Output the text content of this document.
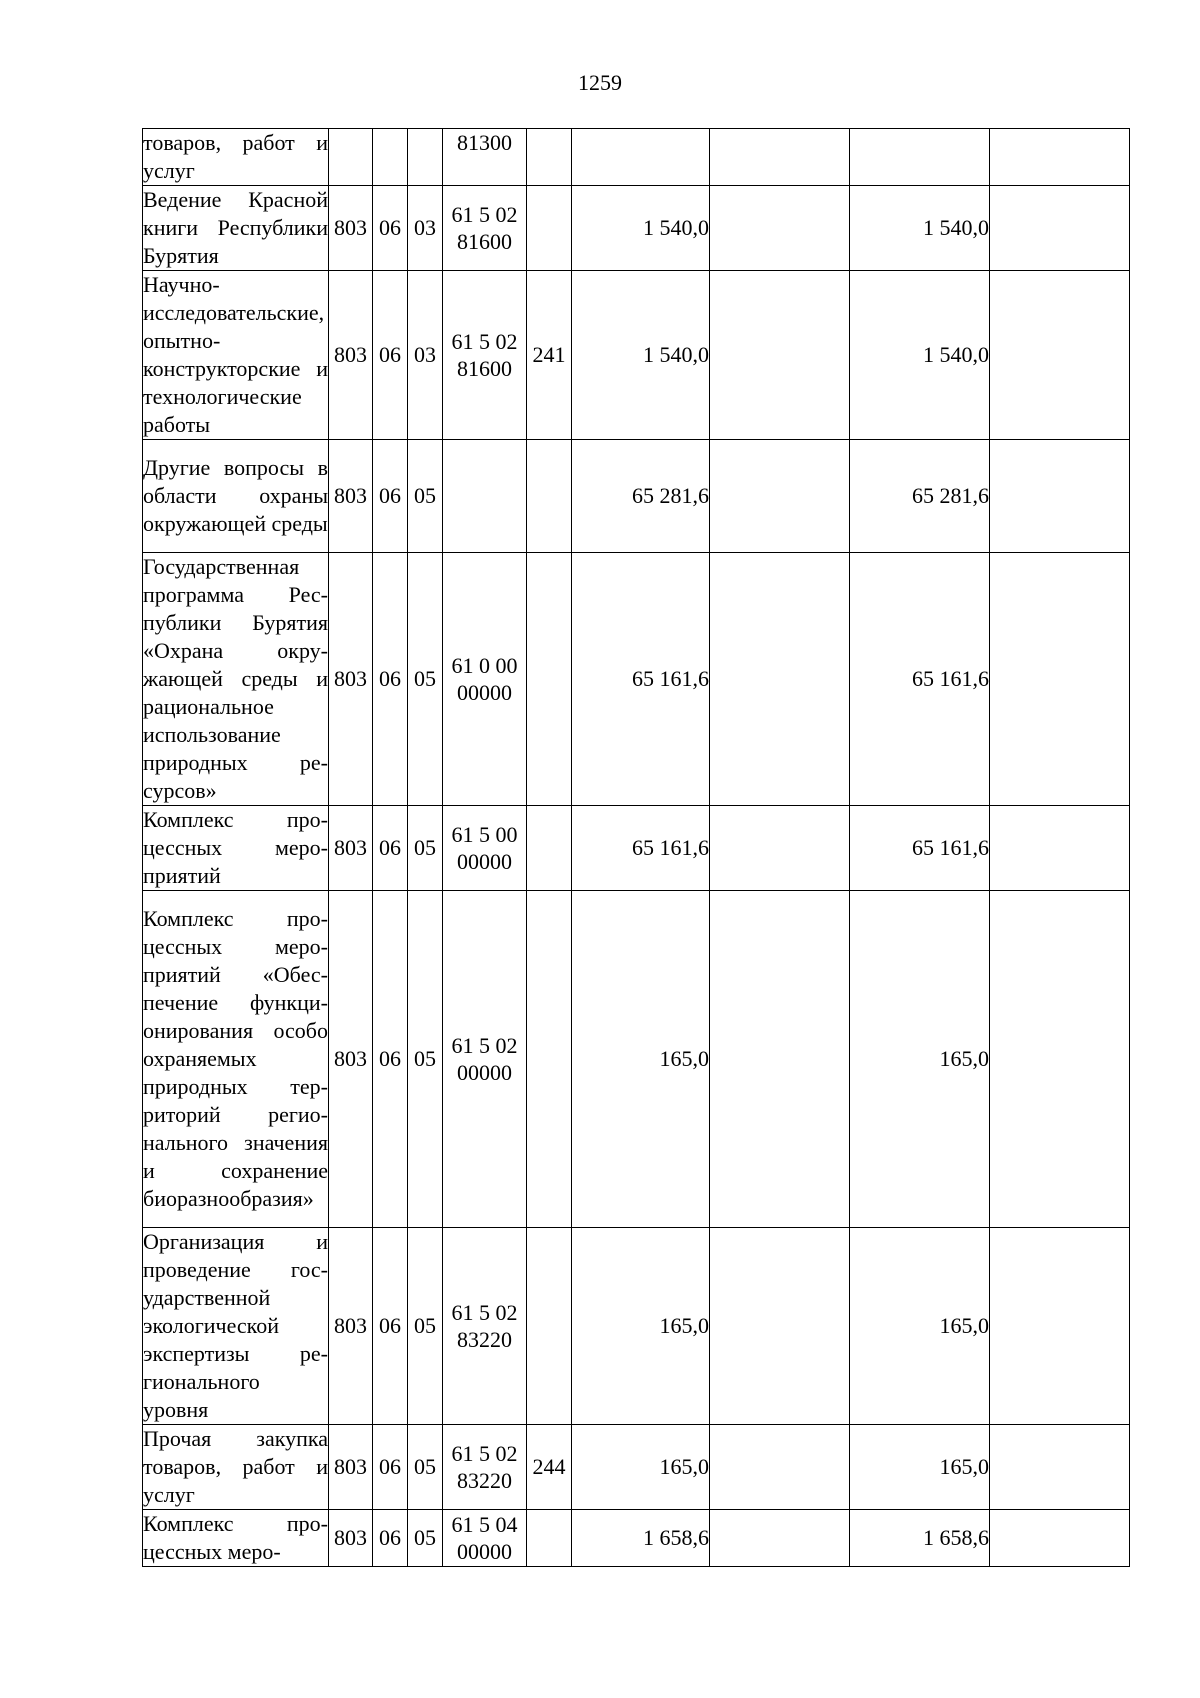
1259
товаров, работ и услуг				81300					
Ведение Красной книги Республики Бурятия	803	06	03	61 5 02 81600		1 540,0		1 540,0	
Научно-исследовательские, опытно-конструкторские и технологические работы	803	06	03	61 5 02 81600	241	1 540,0		1 540,0	
Другие вопросы в области охраны окружающей среды	803	06	05			65 281,6		65 281,6	
Государственная программа Республики Бурятия «Охрана окружающей среды и рациональное использование природных ресурсов»	803	06	05	61 0 00 00000		65 161,6		65 161,6	
Комплекс процессных мероприятий	803	06	05	61 5 00 00000		65 161,6		65 161,6	
Комплекс процессных мероприятий «Обеспечение функционирования особо охраняемых природных территорий регионального значения и сохранение биоразнообразия»	803	06	05	61 5 02 00000		165,0		165,0	
Организация и проведение государственной экологической экспертизы регионального уровня	803	06	05	61 5 02 83220		165,0		165,0	
Прочая закупка товаров, работ и услуг	803	06	05	61 5 02 83220	244	165,0		165,0	
Комплекс процессных меро-	803	06	05	61 5 04 00000		1 658,6		1 658,6	
